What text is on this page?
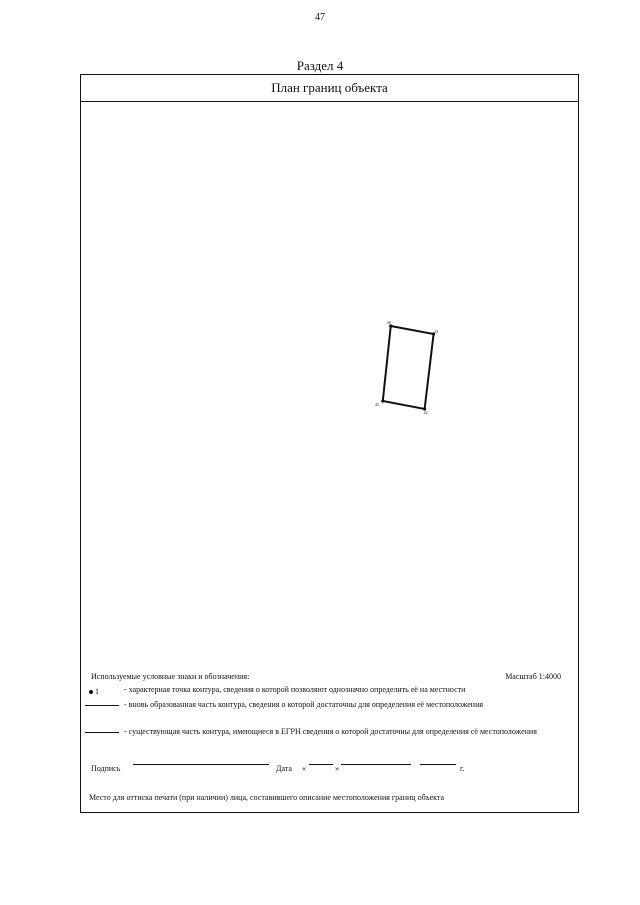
47
Раздел 4
План границ объекта
40
41
42
43
Используемые условные знаки и обозначения:	Масштаб 1:4000
1	- характерная точка контура, сведения о которой позволяют однозначно определить её на местности
- вновь образованная часть контура, сведения о которой достаточны для определения её местоположения
- существующая часть контура, имеющиеся в ЕГРН сведения о которой достаточны для определения сё местоположения
Подпись	Дата «	»	г.
Место для оттиска печати (при наличии) лица, составившего описание местоположения границ объекта
